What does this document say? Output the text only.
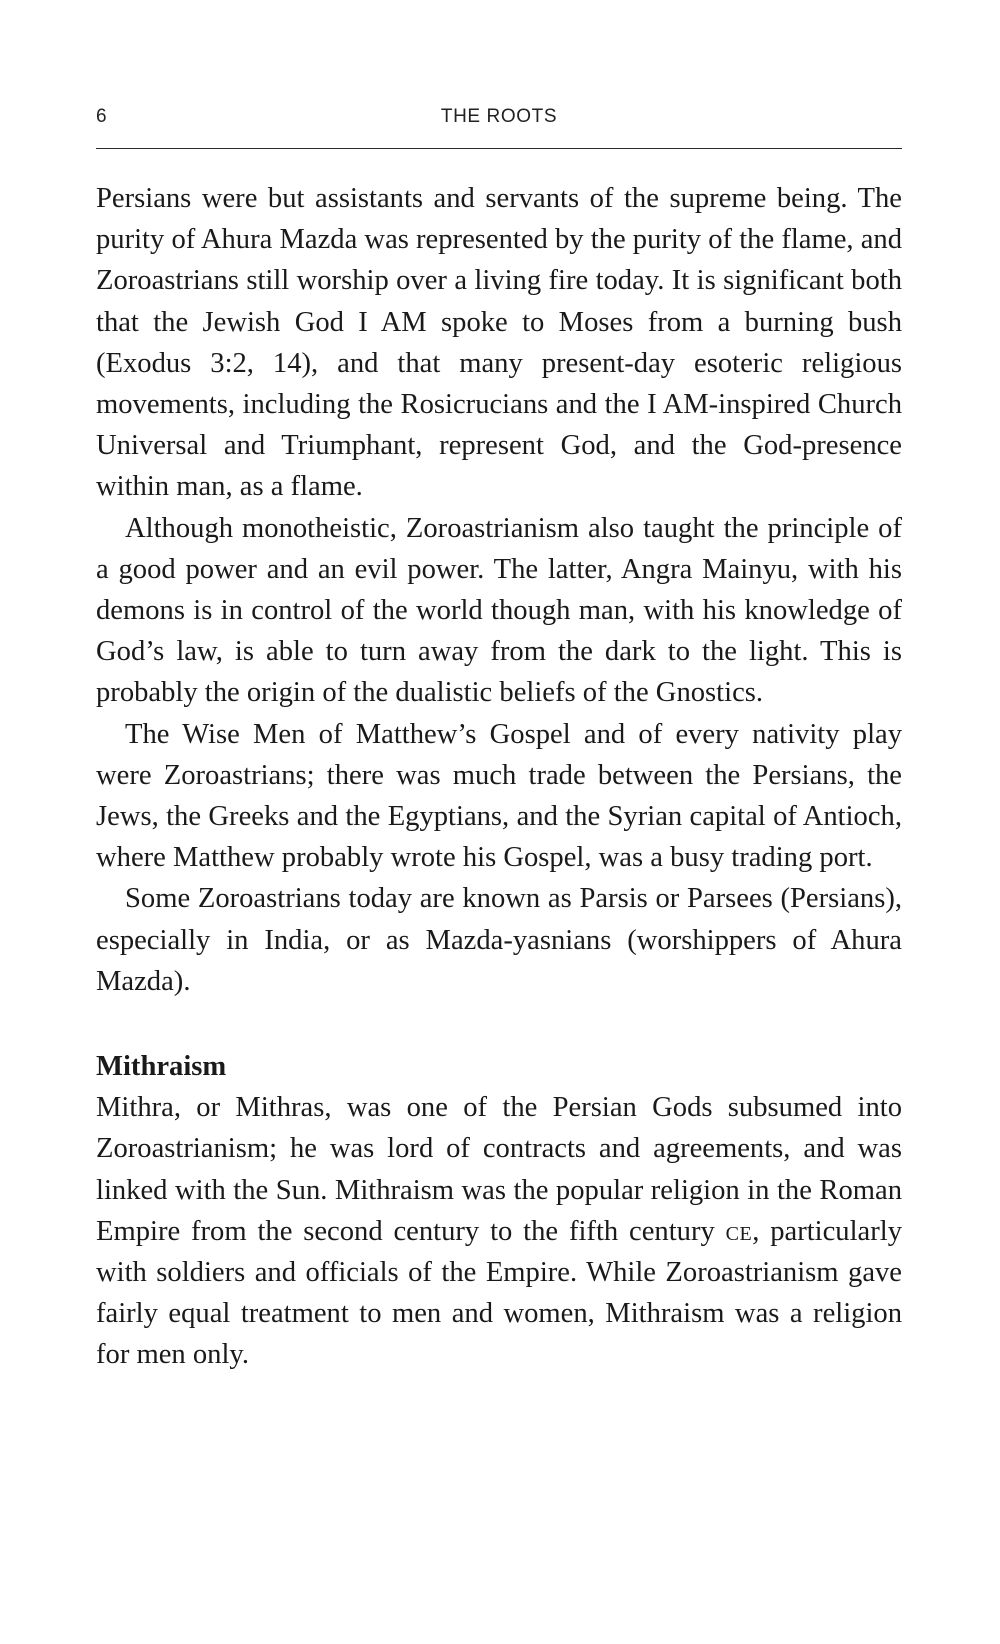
6	THE ROOTS

Persians were but assistants and servants of the supreme being. The purity of Ahura Mazda was represented by the purity of the flame, and Zoroastrians still worship over a living fire today. It is significant both that the Jewish God I AM spoke to Moses from a burning bush (Exodus 3:2, 14), and that many present-day esoteric religious movements, including the Rosicrucians and the I AM-inspired Church Universal and Triumphant, represent God, and the God-presence within man, as a flame.

Although monotheistic, Zoroastrianism also taught the principle of a good power and an evil power. The latter, Angra Mainyu, with his demons is in control of the world though man, with his knowledge of God’s law, is able to turn away from the dark to the light. This is probably the origin of the dualistic beliefs of the Gnostics.

The Wise Men of Matthew’s Gospel and of every nativity play were Zoroastrians; there was much trade between the Persians, the Jews, the Greeks and the Egyptians, and the Syrian capital of Antioch, where Matthew probably wrote his Gospel, was a busy trading port.

Some Zoroastrians today are known as Parsis or Parsees (Persians), especially in India, or as Mazda-yasnians (worshippers of Ahura Mazda).

Mithraism

Mithra, or Mithras, was one of the Persian Gods subsumed into Zoroastrianism; he was lord of contracts and agreements, and was linked with the Sun. Mithraism was the popular religion in the Roman Empire from the second century to the fifth century ce, particularly with soldiers and officials of the Empire. While Zoroastrianism gave fairly equal treatment to men and women, Mithraism was a religion for men only.
